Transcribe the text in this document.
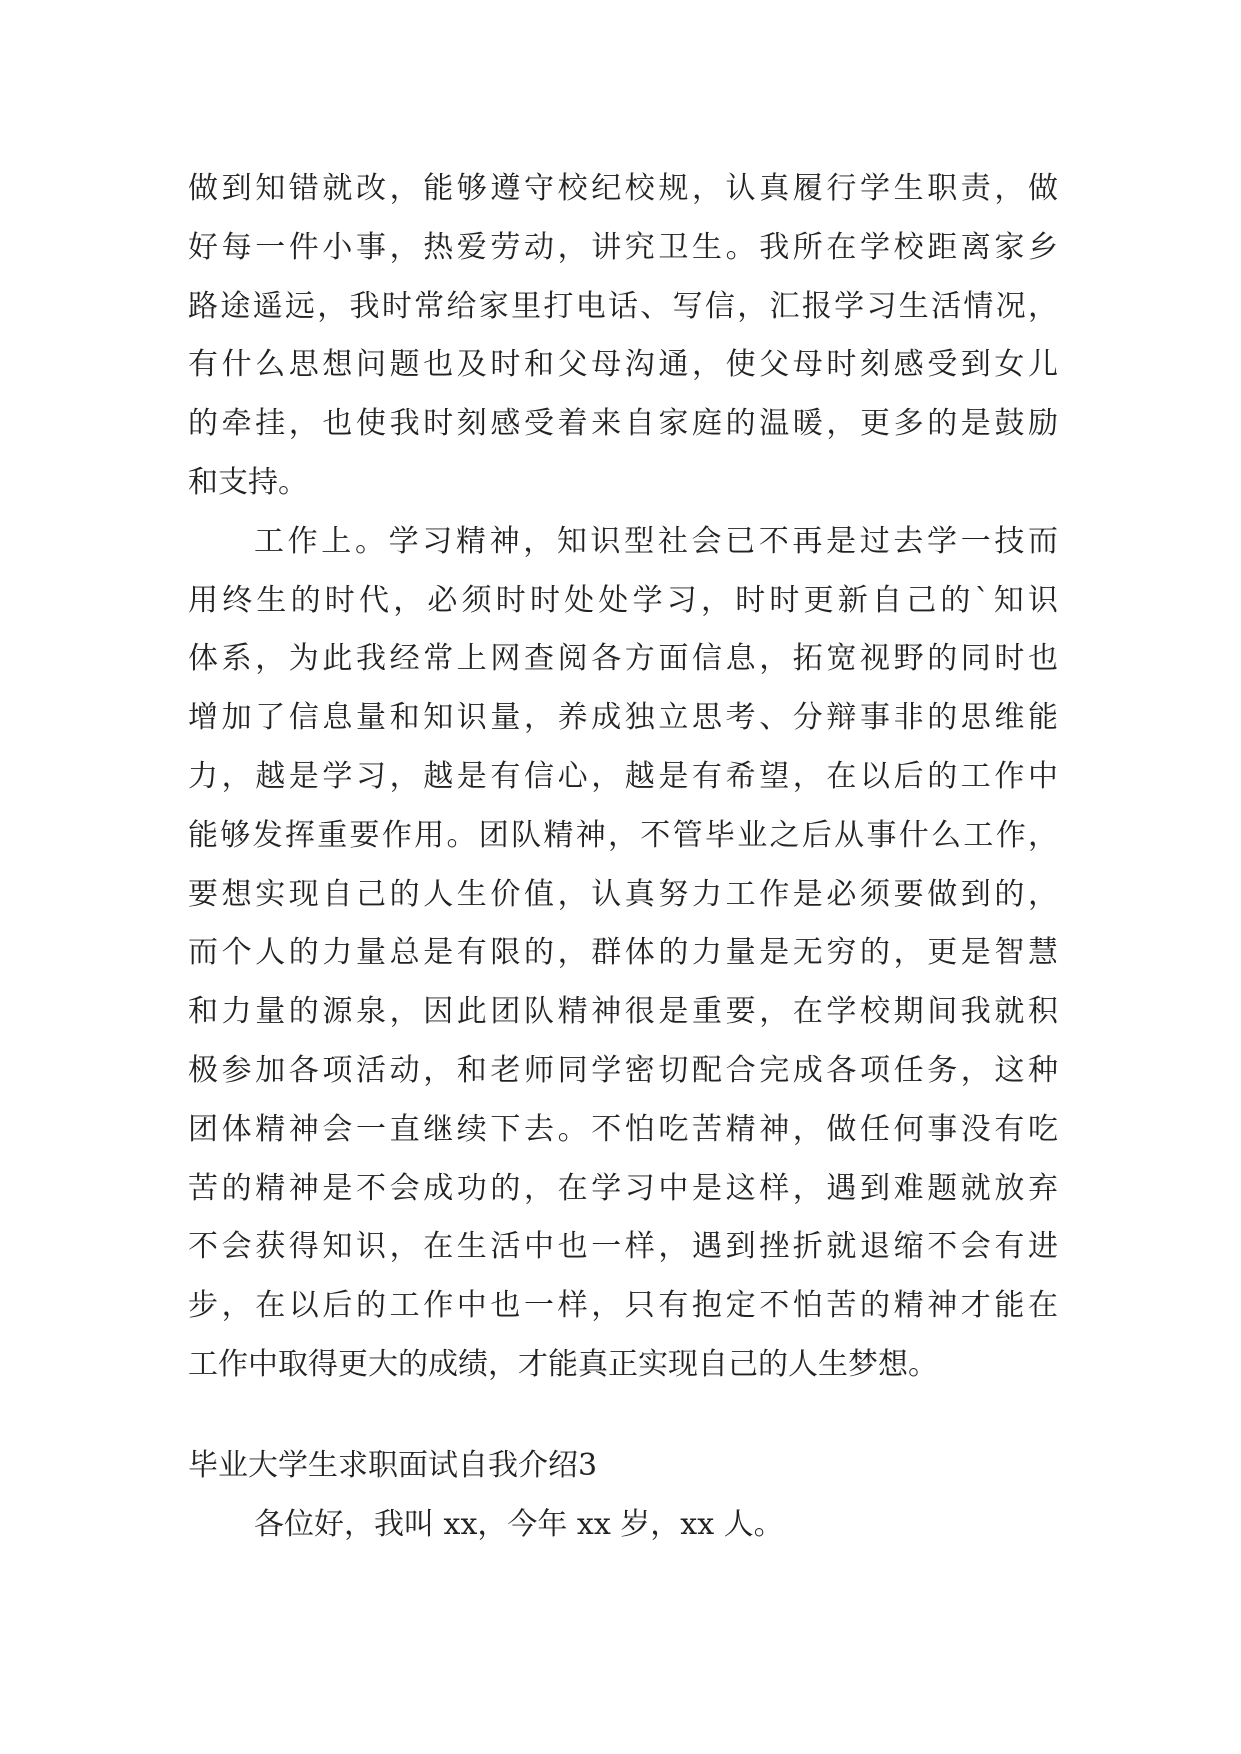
做到知错就改，能够遵守校纪校规，认真履行学生职责，做
好每一件小事，热爱劳动，讲究卫生。我所在学校距离家乡
路途遥远，我时常给家里打电话、写信，汇报学习生活情况，
有什么思想问题也及时和父母沟通，使父母时刻感受到女儿
的牵挂，也使我时刻感受着来自家庭的温暖，更多的是鼓励
和支持。
工作上。学习精神，知识型社会已不再是过去学一技而
用终生的时代，必须时时处处学习，时时更新自己的`知识
体系，为此我经常上网查阅各方面信息，拓宽视野的同时也
增加了信息量和知识量，养成独立思考、分辩事非的思维能
力，越是学习，越是有信心，越是有希望，在以后的工作中
能够发挥重要作用。团队精神，不管毕业之后从事什么工作，
要想实现自己的人生价值，认真努力工作是必须要做到的，
而个人的力量总是有限的，群体的力量是无穷的，更是智慧
和力量的源泉，因此团队精神很是重要，在学校期间我就积
极参加各项活动，和老师同学密切配合完成各项任务，这种
团体精神会一直继续下去。不怕吃苦精神，做任何事没有吃
苦的精神是不会成功的，在学习中是这样，遇到难题就放弃
不会获得知识，在生活中也一样，遇到挫折就退缩不会有进
步，在以后的工作中也一样，只有抱定不怕苦的精神才能在
工作中取得更大的成绩，才能真正实现自己的人生梦想。
毕业大学生求职面试自我介绍3
各位好，我叫 xx，今年 xx 岁，xx 人。
